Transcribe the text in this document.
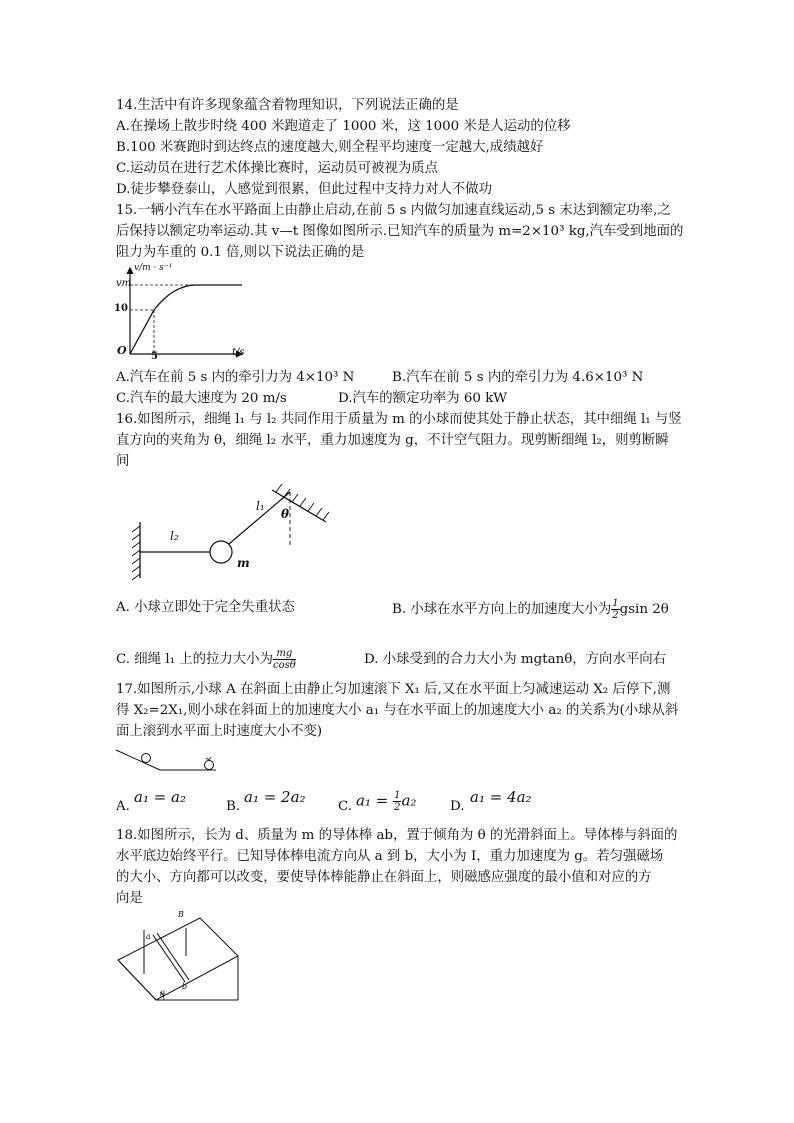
14.生活中有许多现象蕴含着物理知识，下列说法正确的是
A.在操场上散步时绕 400 米跑道走了 1000 米，这 1000 米是人运动的位移
B.100 米赛跑时到达终点的速度越大,则全程平均速度一定越大,成绩越好
C.运动员在进行艺术体操比赛时，运动员可被视为质点
D.徒步攀登泰山，人感觉到很累，但此过程中支持力对人不做功
15.一辆小汽车在水平路面上由静止启动,在前 5 s 内做匀加速直线运动,5 s 末达到额定功率,之
后保持以额定功率运动.其 v—t 图像如图所示.已知汽车的质量为 m=2×10³ kg,汽车受到地面的
阻力为车重的 0.1 倍,则以下说法正确的是
v/m · s⁻¹
vm
10
O 5	t/s
A.汽车在前 5 s 内的牵引力为 4×10³ N	B.汽车在前 5 s 内的牵引力为 4.6×10³ N
C.汽车的最大速度为 20 m/s	D.汽车的额定功率为 60 kW
16.如图所示，细绳 l₁ 与 l₂ 共同作用于质量为 m 的小球而使其处于静止状态，其中细绳 l₁ 与竖
直方向的夹角为 θ，细绳 l₂ 水平，重力加速度为 g，不计空气阻力。现剪断细绳 l₂，则剪断瞬
间
l₁
l₂
θ
m
A. 小球立即处于完全失重状态	B. 小球在水平方向上的加速度大小为 $\frac{1}{2}$ gsin 2θ
C. 细绳 l₁ 上的拉力大小为 $\frac{mg}{\cos\theta}$	D. 小球受到的合力大小为 mgtanθ，方向水平向右
17.如图所示,小球 A 在斜面上由静止匀加速滚下 X₁ 后,又在水平面上匀减速运动 X₂ 后停下,测
得 X₂=2X₁,则小球在斜面上的加速度大小 a₁ 与在水平面上的加速度大小 a₂ 的关系为(小球从斜
面上滚到水平面上时速度大小不变)
A.
a₁ = a₂
B.
a₁ = 2a₂
C. $a_1 = \frac{1}{2} a_2$	D.
a₁ = 4a₂
18.如图所示，长为 d、质量为 m 的导体棒 ab，置于倾角为 θ 的光滑斜面上。导体棒与斜面的
水平底边始终平行。已知导体棒电流方向从 a 到 b，大小为 I，重力加速度为 g。若匀强磁场
的大小、方向都可以改变，要使导体棒能静止在斜面上，则磁感应强度的最小值和对应的方
向是
B
a
b
θ
